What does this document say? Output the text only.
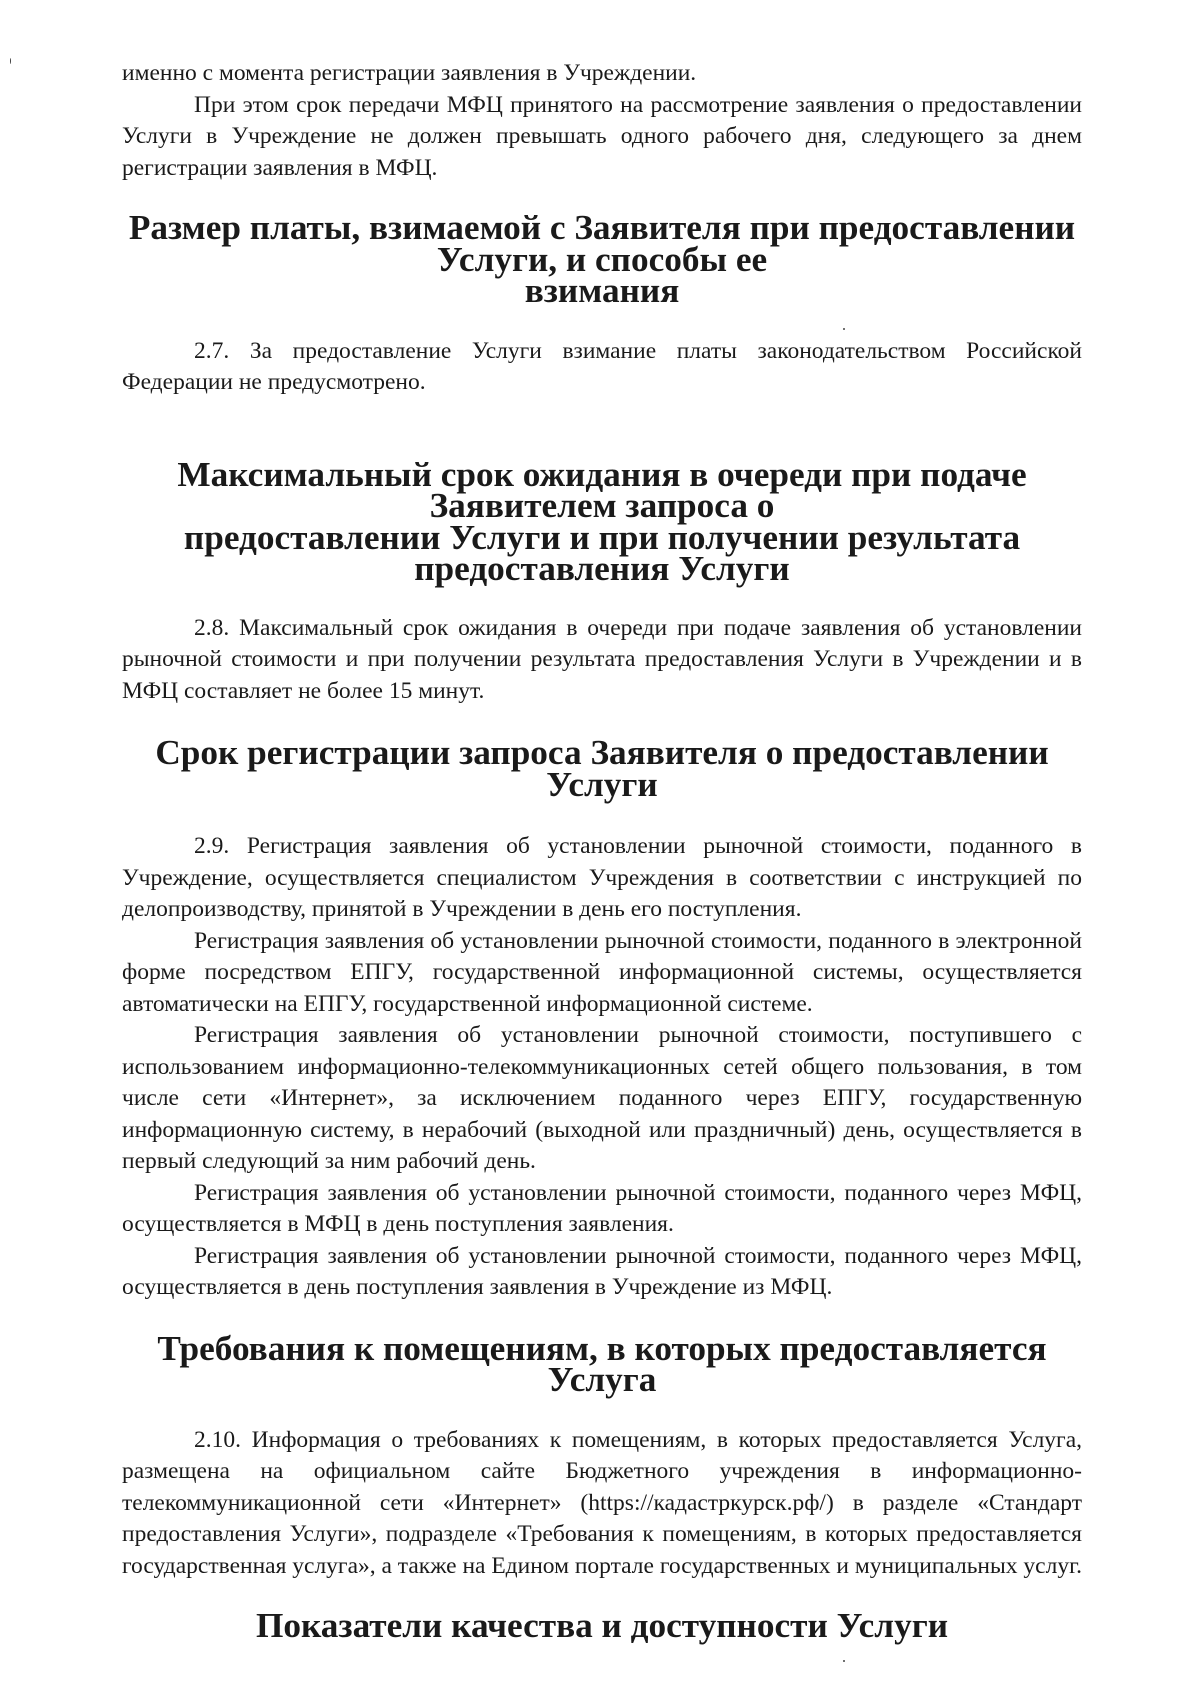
именно с момента регистрации заявления в Учреждении.

При этом срок передачи МФЦ принятого на рассмотрение заявления о предоставлении Услуги в Учреждение не должен превышать одного рабочего дня, следующего за днем регистрации заявления в МФЦ.

Размер платы, взимаемой с Заявителя при предоставлении Услуги, и способы ее
взимания

2.7. За предоставление Услуги взимание платы законодательством Российской Федерации не предусмотрено.

Максимальный срок ожидания в очереди при подаче Заявителем запроса о
предоставлении Услуги и при получении результата
предоставления Услуги

2.8. Максимальный срок ожидания в очереди при подаче заявления об установлении рыночной стоимости и при получении результата предоставления Услуги в Учреждении и в МФЦ составляет не более 15 минут.

Срок регистрации запроса Заявителя о предоставлении Услуги

2.9. Регистрация заявления об установлении рыночной стоимости, поданного в Учреждение, осуществляется специалистом Учреждения в соответствии с инструкцией по делопроизводству, принятой в Учреждении в день его поступления.

Регистрация заявления об установлении рыночной стоимости, поданного в электронной форме посредством ЕПГУ, государственной информационной системы, осуществляется автоматически на ЕПГУ, государственной информационной системе.

Регистрация заявления об установлении рыночной стоимости, поступившего с использованием информационно-телекоммуникационных сетей общего пользования, в том числе сети «Интернет», за исключением поданного через ЕПГУ, государственную информационную систему, в нерабочий (выходной или праздничный) день, осуществляется в первый следующий за ним рабочий день.

Регистрация заявления об установлении рыночной стоимости, поданного через МФЦ, осуществляется в МФЦ в день поступления заявления.

Регистрация заявления об установлении рыночной стоимости, поданного через МФЦ, осуществляется в день поступления заявления в Учреждение из МФЦ.

Требования к помещениям, в которых предоставляется Услуга

2.10. Информация о требованиях к помещениям, в которых предоставляется Услуга, размещена на официальном сайте Бюджетного учреждения в информационно-телекоммуникационной сети «Интернет» (https://кадастркурск.рф/) в разделе «Стандарт предоставления Услуги», подразделе «Требования к помещениям, в которых предоставляется государственная услуга», а также на Едином портале государственных и муниципальных услуг.

Показатели качества и доступности Услуги
